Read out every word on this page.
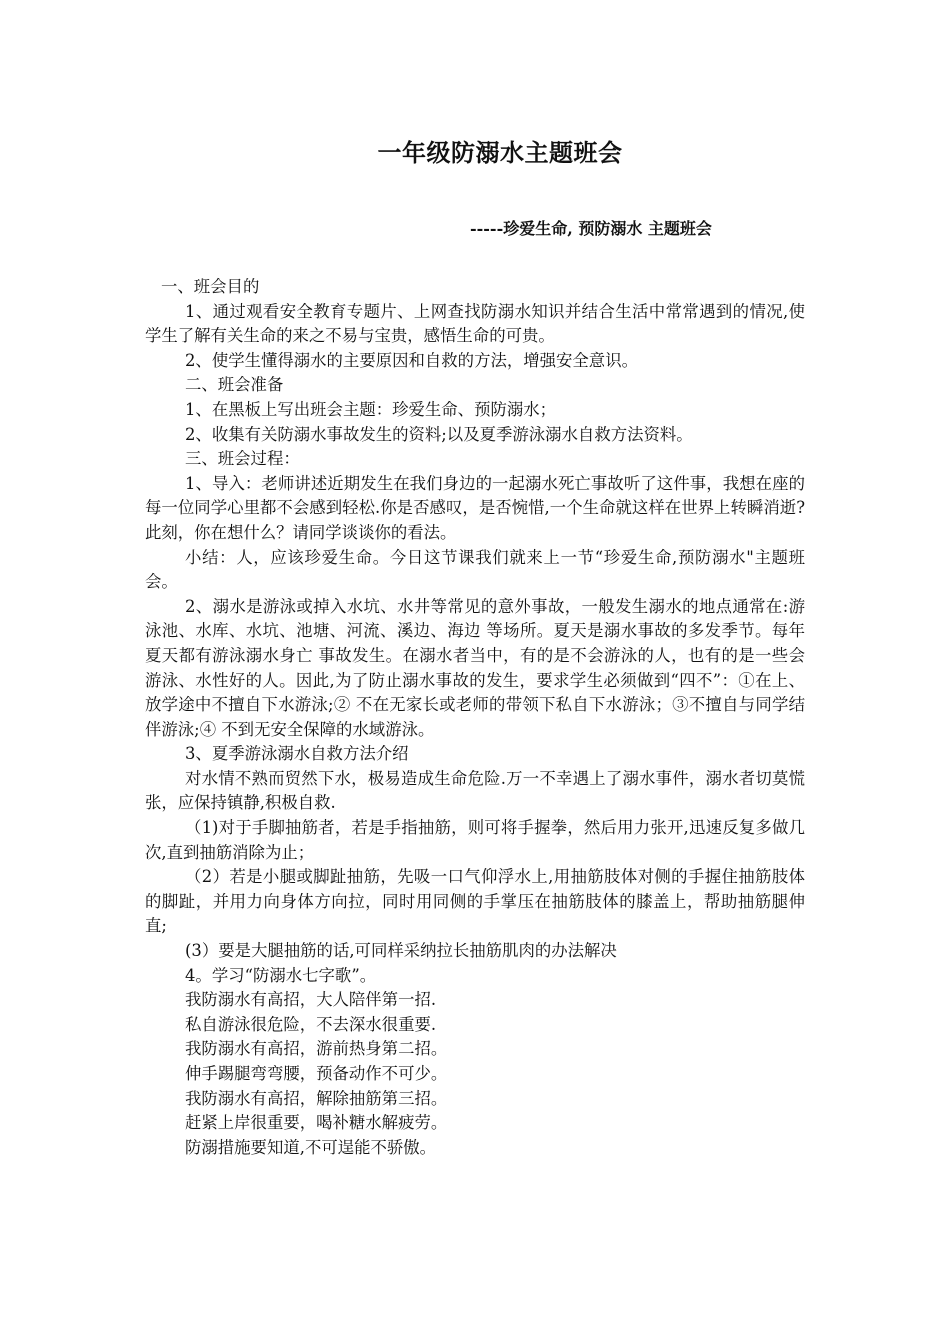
一年级防溺水主题班会
-----珍爱生命, 预防溺水 主题班会

一、班会目的

1、通过观看安全教育专题片、上网查找防溺水知识并结合生活中常常遇到的情况,使学生了解有关生命的来之不易与宝贵，感悟生命的可贵。

2、使学生懂得溺水的主要原因和自救的方法，增强安全意识。

二、班会准备

1、在黑板上写出班会主题：珍爱生命、预防溺水；

2、收集有关防溺水事故发生的资料;以及夏季游泳溺水自救方法资料。

三、班会过程：

1、导入：老师讲述近期发生在我们身边的一起溺水死亡事故听了这件事，我想在座的每一位同学心里都不会感到轻松.你是否感叹，是否惋惜,一个生命就这样在世界上转瞬消逝?此刻，你在想什么？请同学谈谈你的看法。

小结：人，应该珍爱生命。今日这节课我们就来上一节“珍爱生命,预防溺水"主题班会。

2、溺水是游泳或掉入水坑、水井等常见的意外事故，一般发生溺水的地点通常在:游泳池、水库、水坑、池塘、河流、溪边、海边 等场所。夏天是溺水事故的多发季节。每年夏天都有游泳溺水身亡 事故发生。在溺水者当中，有的是不会游泳的人，也有的是一些会游泳、水性好的人。因此,为了防止溺水事故的发生，要求学生必须做到“四不”：①在上、放学途中不擅自下水游泳;② 不在无家长或老师的带领下私自下水游泳；③不擅自与同学结伴游泳;④ 不到无安全保障的水域游泳。

3、夏季游泳溺水自救方法介绍

对水情不熟而贸然下水，极易造成生命危险.万一不幸遇上了溺水事件，溺水者切莫慌张，应保持镇静,积极自救.

（1)对于手脚抽筋者，若是手指抽筋，则可将手握拳，然后用力张开,迅速反复多做几次,直到抽筋消除为止；

（2）若是小腿或脚趾抽筋，先吸一口气仰浮水上,用抽筋肢体对侧的手握住抽筋肢体的脚趾，并用力向身体方向拉，同时用同侧的手掌压在抽筋肢体的膝盖上，帮助抽筋腿伸直;

(3）要是大腿抽筋的话,可同样采纳拉长抽筋肌肉的办法解决

4。学习“防溺水七字歌”。

我防溺水有高招，大人陪伴第一招.

私自游泳很危险，不去深水很重要.

我防溺水有高招，游前热身第二招。

伸手踢腿弯弯腰，预备动作不可少。

我防溺水有高招，解除抽筋第三招。

赶紧上岸很重要，喝补糖水解疲劳。

防溺措施要知道,不可逞能不骄傲。
